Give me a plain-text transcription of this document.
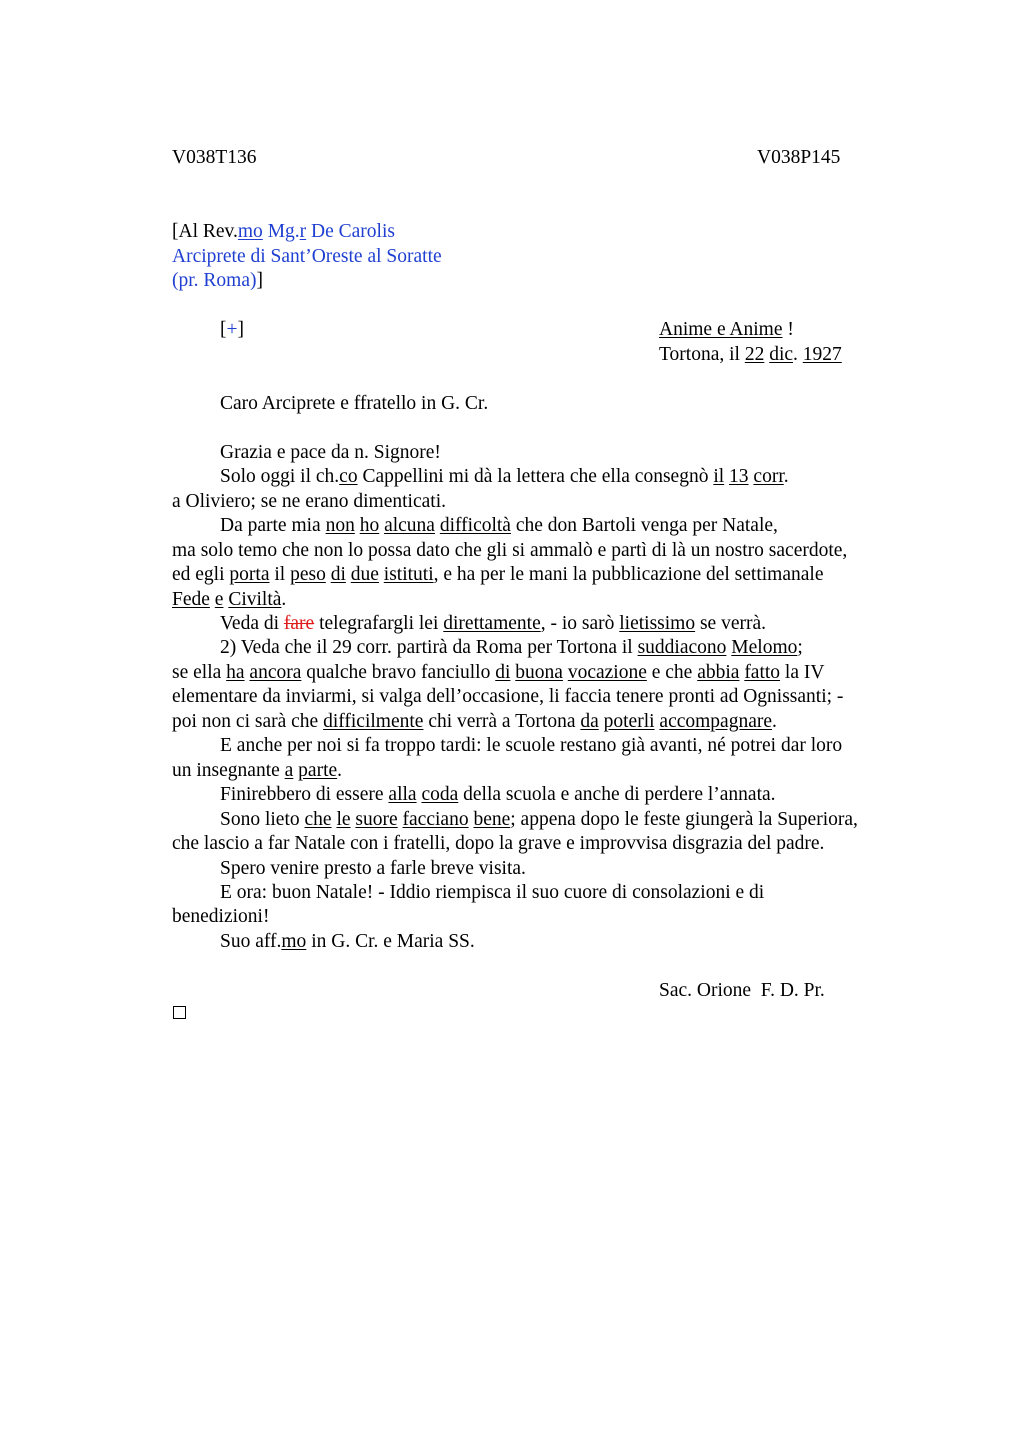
V038T136	V038P145
[Al Rev.mo Mg.r De Carolis
Arciprete di Sant’Oreste al Soratte
(pr. Roma)]
[+]	Anime e Anime !
Tortona, il 22 dic. 1927
Caro Arciprete e ffratello in G. Cr.
Grazia e pace da n. Signore!
Solo oggi il ch.co Cappellini mi dà la lettera che ella consegnò il 13 corr.
a Oliviero; se ne erano dimenticati.
Da parte mia non ho alcuna difficoltà che don Bartoli venga per Natale,
ma solo temo che non lo possa dato che gli si ammalò e partì di là un nostro sacerdote,
ed egli porta il peso di due istituti, e ha per le mani la pubblicazione del settimanale
Fede e Civiltà.
Veda di fare telegrafargli lei direttamente, - io sarò lietissimo se verrà.
2) Veda che il 29 corr. partirà da Roma per Tortona il suddiacono Melomo;
se ella ha ancora qualche bravo fanciullo di buona vocazione e che abbia fatto la IV
elementare da inviarmi, si valga dell’occasione, li faccia tenere pronti ad Ognissanti; -
poi non ci sarà che difficilmente chi verrà a Tortona da poterli accompagnare.
E anche per noi si fa troppo tardi: le scuole restano già avanti, né potrei dar loro
un insegnante a parte.
Finirebbero di essere alla coda della scuola e anche di perdere l’annata.
Sono lieto che le suore facciano bene; appena dopo le feste giungerà la Superiora,
che lascio a far Natale con i fratelli, dopo la grave e improvvisa disgrazia del padre.
Spero venire presto a farle breve visita.
E ora: buon Natale! - Iddio riempisca il suo cuore di consolazioni e di
benedizioni!
Suo aff.mo in G. Cr. e Maria SS.
Sac. Orione  F. D. Pr.
